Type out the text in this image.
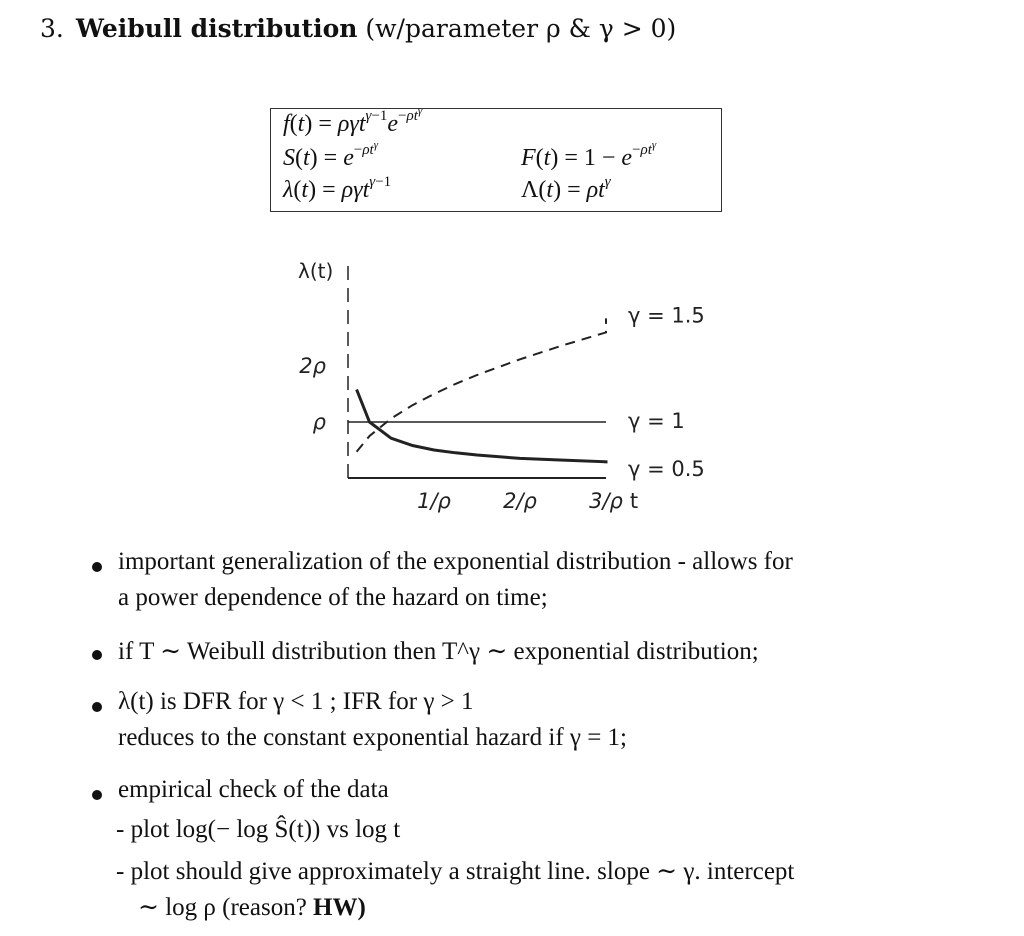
3. Weibull distribution (w/parameter ρ & γ > 0)
$f(t) = \rho\gamma t^{\gamma-1}e^{-\rho t^\gamma}$
$S(t) = e^{-\rho t^\gamma}$	$F(t) = 1 - e^{-\rho t^\gamma}$
λ(t) = ργt$^{\gamma-1}$	$\Lambda(t) = \rho t^\gamma$
λ(t)
ρ
2ρ
1/ρ 2/ρ 3/ρ t
γ = 1.5
γ = 1
γ = 0.5
important generalization of the exponential distribution - allows for
a power dependence of the hazard on time;
if T ∼ Weibull distribution then T^γ ∼ exponential distribution;
λ(t) is DFR for γ < 1 ; IFR for γ > 1
reduces to the constant exponential hazard if γ = 1;
empirical check of the data
- plot log(− log Ŝ(t)) vs log t
- plot should give approximately a straight line. slope ∼ γ. intercept
∼ log ρ (reason? HW)
